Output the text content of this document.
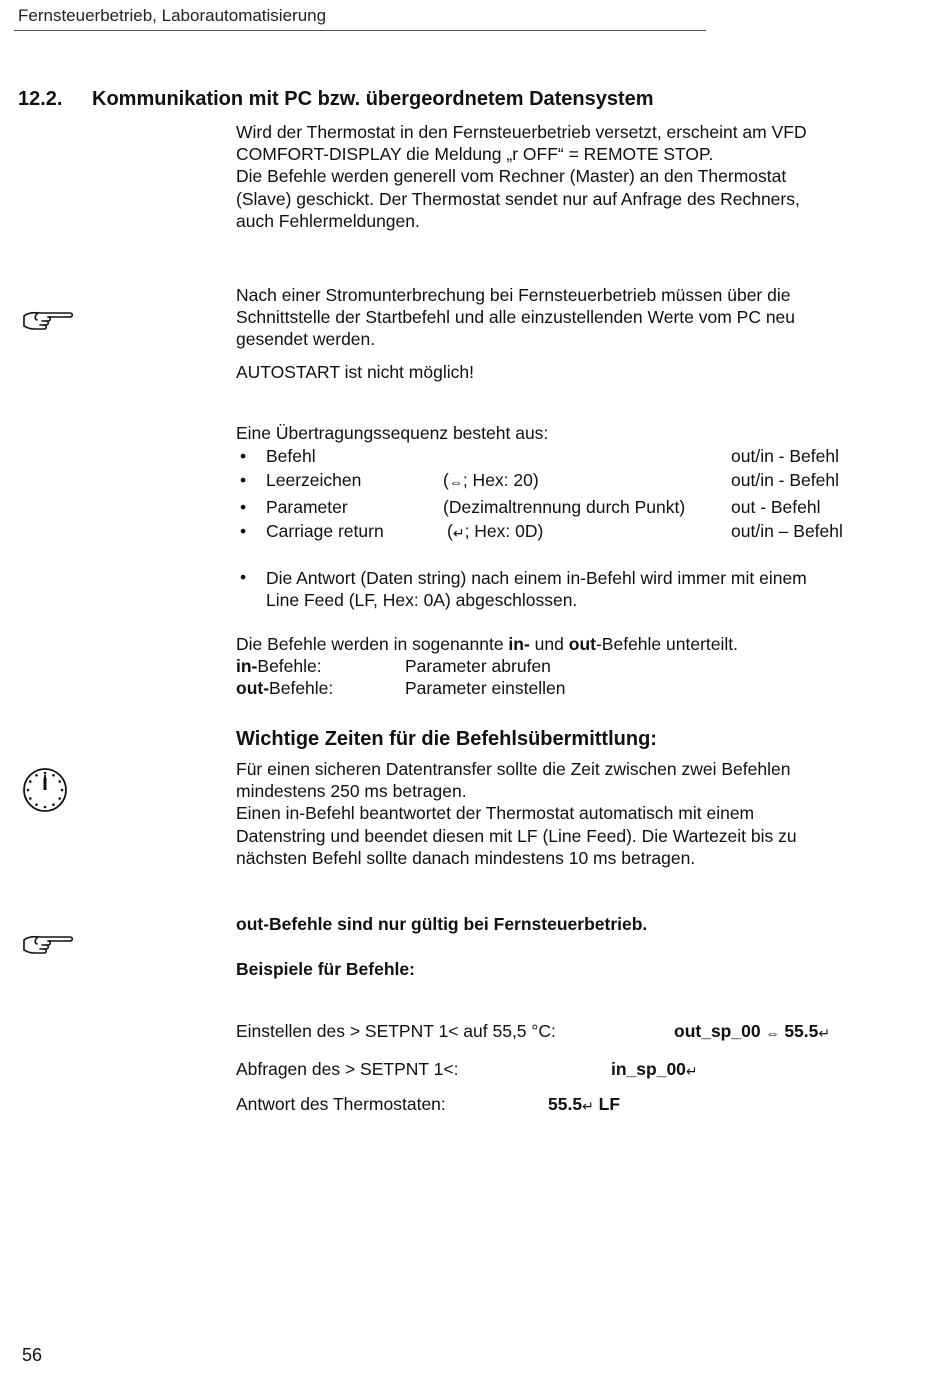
Fernsteuerbetrieb, Laborautomatisierung
12.2. Kommunikation mit PC bzw. übergeordnetem Datensystem
Wird der Thermostat in den Fernsteuerbetrieb versetzt, erscheint am VFD
COMFORT-DISPLAY die Meldung „r OFF“ = REMOTE STOP.
Die Befehle werden generell vom Rechner (Master) an den Thermostat
(Slave) geschickt. Der Thermostat sendet nur auf Anfrage des Rechners,
auch Fehlermeldungen.
Nach einer Stromunterbrechung bei Fernsteuerbetrieb müssen über die
Schnittstelle der Startbefehl und alle einzustellenden Werte vom PC neu
gesendet werden.
AUTOSTART ist nicht möglich!
Eine Übertragungssequenz besteht aus:
• Befehl	out/in - Befehl
• Leerzeichen	(⇔; Hex: 20)	out/in - Befehl
• Parameter	(Dezimaltrennung durch Punkt)	out - Befehl
• Carriage return	(↵; Hex: 0D)	out/in – Befehl
• Die Antwort (Daten string) nach einem in-Befehl wird immer mit einem
Line Feed (LF, Hex: 0A) abgeschlossen.
Die Befehle werden in sogenannte in- und out-Befehle unterteilt.
in-Befehle:	Parameter abrufen
out-Befehle:	Parameter einstellen
Wichtige Zeiten für die Befehlsübermittlung:
Für einen sicheren Datentransfer sollte die Zeit zwischen zwei Befehlen
mindestens 250 ms betragen.
Einen in-Befehl beantwortet der Thermostat automatisch mit einem
Datenstring und beendet diesen mit LF (Line Feed). Die Wartezeit bis zu
nächsten Befehl sollte danach mindestens 10 ms betragen.
out-Befehle sind nur gültig bei Fernsteuerbetrieb.
Beispiele für Befehle:
Einstellen des > SETPNT 1< auf 55,5 °C:	out_sp_00 ⇔ 55.5↵
Abfragen des > SETPNT 1<:	in_sp_00↵
Antwort des Thermostaten:	55.5↵ LF
56
